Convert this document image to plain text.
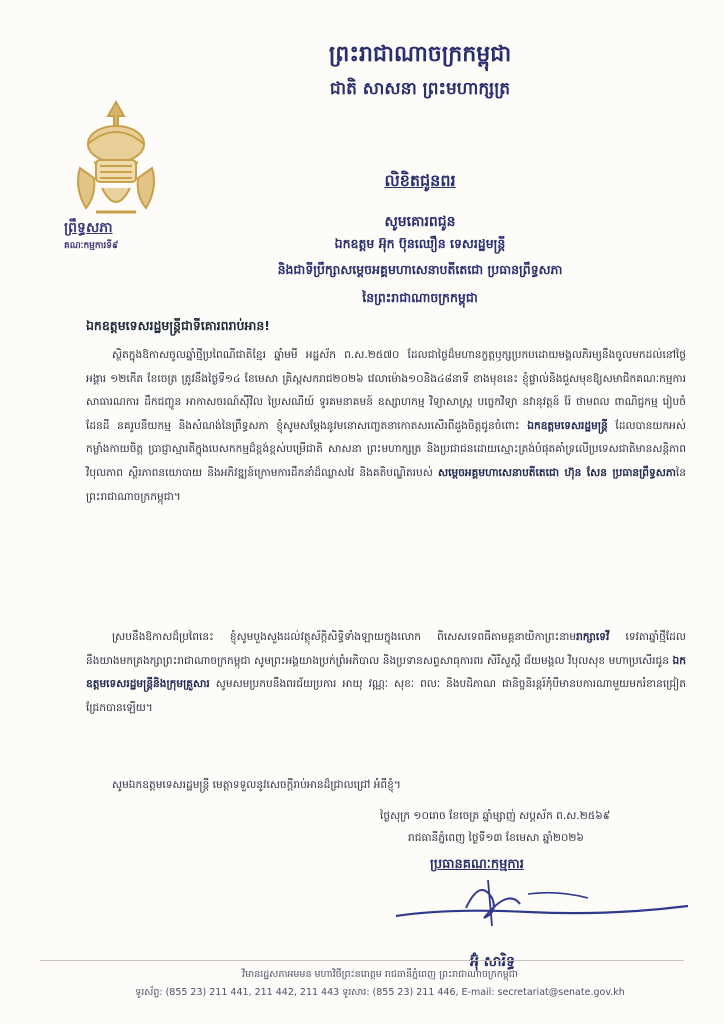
ព្រះរាជាណាចក្រកម្ពុជា
ជាតិ សាសនា ព្រះមហាក្សត្រ
ព្រឹទ្ធសភា
គណៈកម្មការទី៩
លិខិតជូនពរ
សូមគោរពជូន
ឯកឧត្តម អ៊ុក ប៊ុនឈឿន ទេសរដ្ឋមន្ត្រី
និងជាទីប្រឹក្សាសម្តេចអគ្គមហាសេនាបតីតេជោ ប្រធានព្រឹទ្ធសភា
នៃព្រះរាជាណាចក្រកម្ពុជា
ឯកឧត្តមទេសរដ្ឋមន្ត្រីជាទីគោរពរាប់អាន!
ស្ថិតក្នុងឱកាសចូលឆ្នាំថ្មីប្រពៃណីជាតិខ្មែរ ឆ្នាំមមី អដ្ឋស័ក ព.ស.២៥៧០ ដែលជាថ្ងៃដ៏មហានក្ខត្តឫក្សប្រកបដោយមង្គលភិរម្យនឹងចូលមកដល់នៅថ្ងៃអង្គារ ១២កើត ខែចេត្រ ត្រូវនឹងថ្ងៃទី១៤ ខែមេសា គ្រិស្តសករាជ២០២៦ វេលាម៉ោង១០និង៤៨នាទី ខាងមុខនេះ ខ្ញុំផ្ទាល់និងជួសមុខឱ្យសមាជិកគណៈកម្មការសាធារណការ ដឹកជញ្ជូន អាកាសចរណ៍ស៊ីវិល ប្រៃសណីយ៍ ទូរគមនាគមន៍ ឧស្សាហកម្ម វិទ្យាសាស្ត្រ បច្ចេកវិទ្យា នវានុវត្តន៍ រ៉ែ ថាមពល ពាណិជ្ជកម្ម រៀបចំដែនដី នគរូបនីយកម្ម និងសំណង់នៃព្រឹទ្ធសភា ខ្ញុំសូមសម្តែងនូវមនោសញ្ចេតនាកោតសរសើរពីដួងចិត្តជូនចំពោះ ឯកឧត្តមទេសរដ្ឋមន្ត្រី ដែលបានយកអស់កម្លាំងកាយចិត្ត ប្រាជ្ញាស្មារតីក្នុងបេសកកម្មដ៏ខ្ពង់ខ្ពស់បម្រើជាតិ សាសនា ព្រះមហាក្សត្រ និងប្រជាជនដោយស្មោះត្រង់បំផុតគាំទ្រលើប្រទេសជាតិមានសន្តិភាព វិបុលភាព ស្ថិរភាពនយោបាយ និងអភិវឌ្ឍន៍ក្រោមការដឹកនាំដ៏ឈ្លាសវៃ និងគតិបណ្ឌិតរបស់ សម្តេចអគ្គមហាសេនាបតីតេជោ ហ៊ុន សែន ប្រធានព្រឹទ្ធសភានៃព្រះរាជាណាចក្រកម្ពុជា។
ស្របនឹងឱកាសដ៏ប្រពៃនេះ ខ្ញុំសូមបួងសួងដល់វត្ថុស័ក្តិសិទ្ធិទាំងឡាយក្នុងលោក ពិសេសទេពធីតាមគ្គនាយិកាព្រះនាមរាក្សាទេវី ទេវតាឆ្នាំថ្មីដែលនឹងយាងមកគ្រងក្សាព្រះរាជាណាចក្រកម្ពុជា សូមព្រះអង្គយាងប្រក់ព្រំអភិបាល និងប្រទានសព្ទសាធុការពរ សិរីសួស្តី ជ័យមង្គល វិបុលសុខ មហាប្រសើរជូន ឯកឧត្តមទេសរដ្ឋមន្ត្រីនិងក្រុមគ្រួសារ សូមសមប្រកបនឹងពរជ័យប្រការ អាយុ វណ្ណៈ សុខៈ ពលៈ និងបដិភាណ ជានិច្ចនិរន្តរ៍កុំបីមានបការណាមួយមករំខានជ្រៀតជ្រែកបានឡើយ។
សូមឯកឧត្តមទេសរដ្ឋមន្ត្រី មេត្តាទទួលនូវសេចក្តីរាប់អានដ៏ជ្រាលជ្រៅ អំពីខ្ញុំ។
ថ្ងៃសុក្រ ១០រោច ខែចេត្រ ឆ្នាំម្សាញ់ សប្តស័ក ព.ស.២៥៦៩
រាជធានីភ្នំពេញ ថ្ងៃទី១៣ ខែមេសា ឆ្នាំ២០២៦
ប្រធានគណៈកម្មការ
អ៊ុំ សារិទ្ធ
វិមានរដ្ឋសភាអមមន មហាវិថីព្រះនរោត្តម រាជធានីភ្នំពេញ ព្រះរាជាណាចក្រកម្ពុជា
ទូរស័ព្ទ: (855 23) 211 441, 211 442, 211 443 ទូរសារ: (855 23) 211 446, E-mail: secretariat@senate.gov.kh
